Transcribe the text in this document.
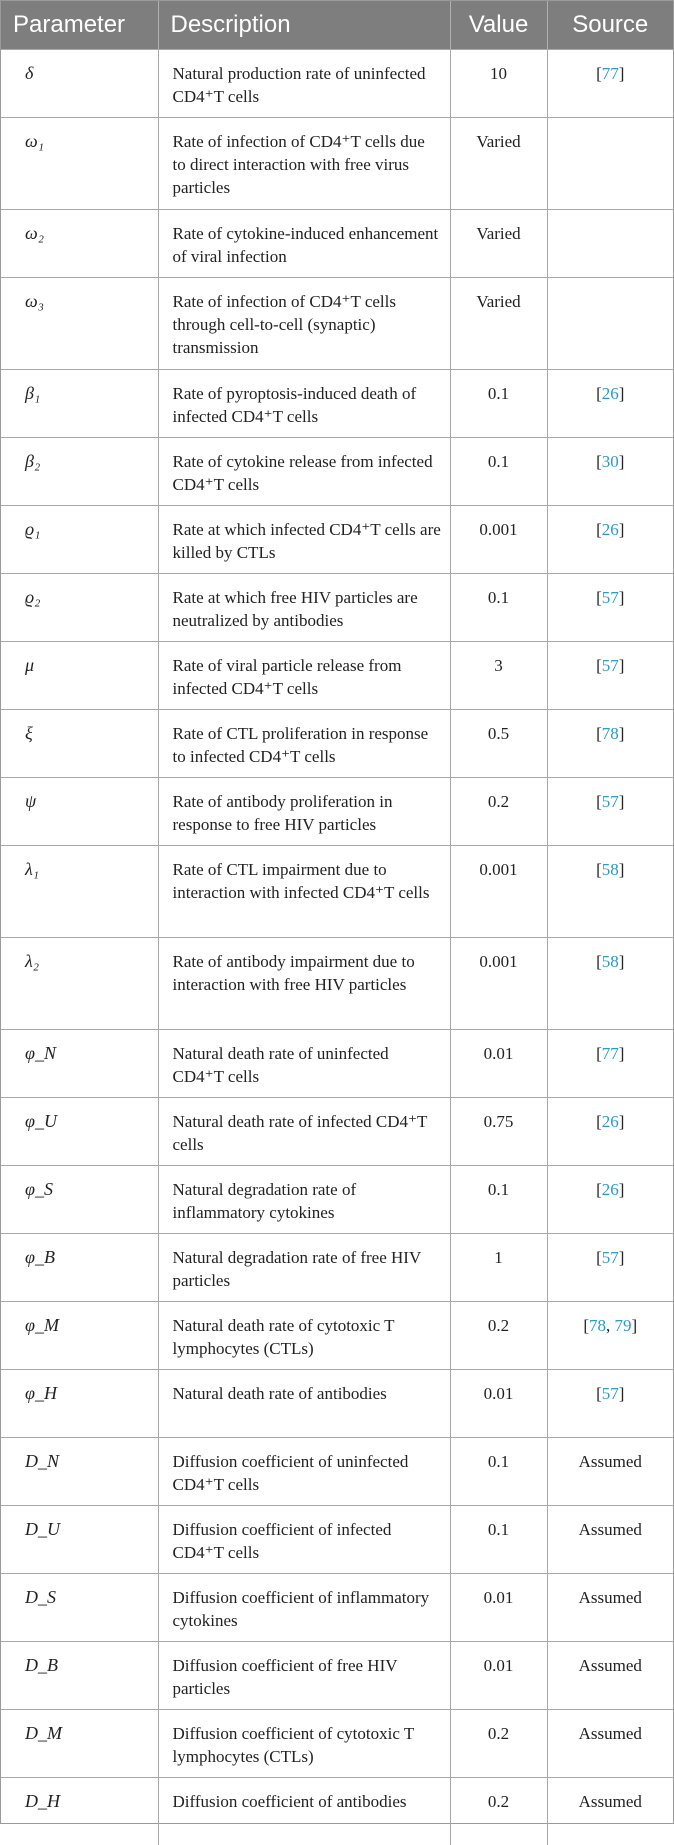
Parameter	Description	Value	Source
δ	Natural production rate of uninfected CD4⁺T cells	10	[77]
ω₁	Rate of infection of CD4⁺T cells due to direct interaction with free virus particles	Varied	
ω₂	Rate of cytokine-induced enhancement of viral infection	Varied	
ω₃	Rate of infection of CD4⁺T cells through cell-to-cell (synaptic) transmission	Varied	
β₁	Rate of pyroptosis-induced death of infected CD4⁺T cells	0.1	[26]
β₂	Rate of cytokine release from infected CD4⁺T cells	0.1	[30]
ϱ₁	Rate at which infected CD4⁺T cells are killed by CTLs	0.001	[26]
ϱ₂	Rate at which free HIV particles are neutralized by antibodies	0.1	[57]
μ	Rate of viral particle release from infected CD4⁺T cells	3	[57]
ξ	Rate of CTL proliferation in response to infected CD4⁺T cells	0.5	[78]
ψ	Rate of antibody proliferation in response to free HIV particles	0.2	[57]
λ₁	Rate of CTL impairment due to interaction with infected CD4⁺T cells	0.001	[58]
λ₂	Rate of antibody impairment due to interaction with free HIV particles	0.001	[58]
φ_N	Natural death rate of uninfected CD4⁺T cells	0.01	[77]
φ_U	Natural death rate of infected CD4⁺T cells	0.75	[26]
φ_S	Natural degradation rate of inflammatory cytokines	0.1	[26]
φ_B	Natural degradation rate of free HIV particles	1	[57]
φ_M	Natural death rate of cytotoxic T lymphocytes (CTLs)	0.2	[78, 79]
φ_H	Natural death rate of antibodies	0.01	[57]
D_N	Diffusion coefficient of uninfected CD4⁺T cells	0.1	Assumed
D_U	Diffusion coefficient of infected CD4⁺T cells	0.1	Assumed
D_S	Diffusion coefficient of inflammatory cytokines	0.01	Assumed
D_B	Diffusion coefficient of free HIV particles	0.01	Assumed
D_M	Diffusion coefficient of cytotoxic T lymphocytes (CTLs)	0.2	Assumed
D_H	Diffusion coefficient of antibodies	0.2	Assumed
